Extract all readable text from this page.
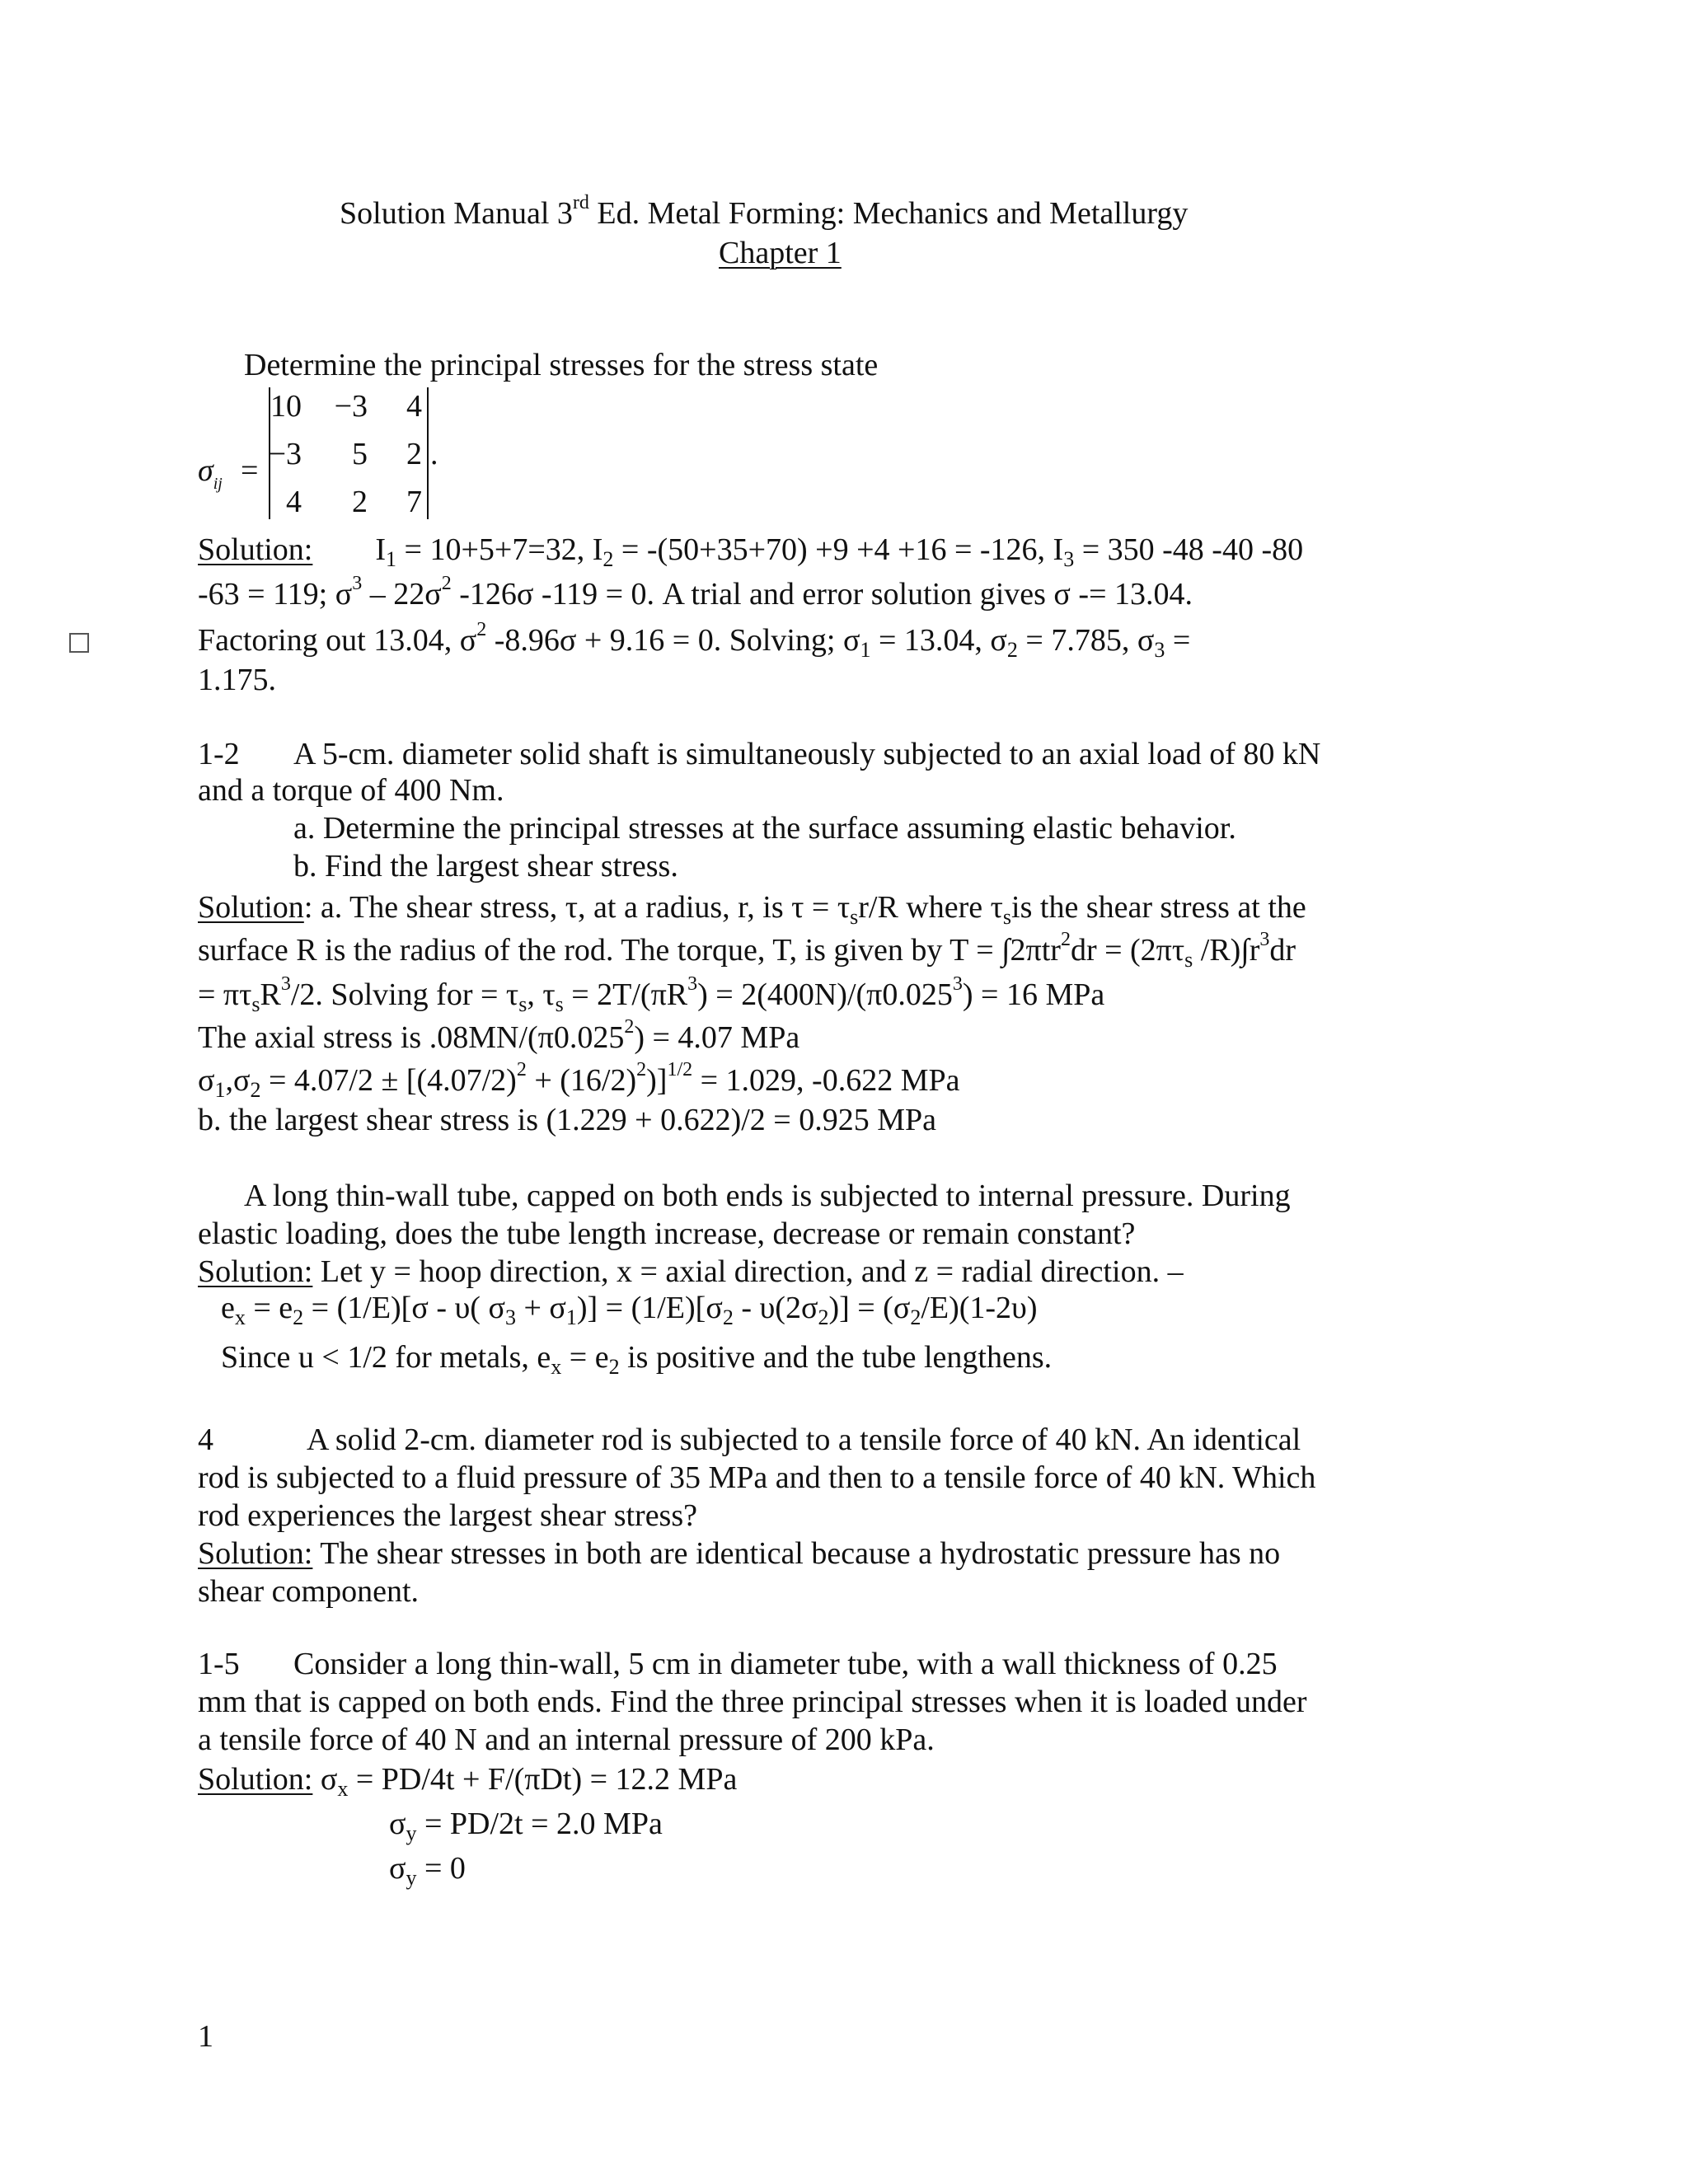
Solution Manual 3rd Ed. Metal Forming: Mechanics and Metallurgy
Chapter 1
Determine the principal stresses for the stress state
$\sigma_{ij}$ =
10	−3	4
−3	5	2
4	2	7
.
Solution: $I_1 = 10+5+7=32$, $I_2 = -(50+35+70) +9 +4 +16 = -126$, $I_3 = 350$ -48 -40 -80
-63 = 119; $\sigma^3 - 22\sigma^2$ -126σ -119 = 0. A trial and error solution gives σ -= 13.04.
Factoring out 13.04, $\sigma^2$ -8.96σ + 9.16 = 0. Solving; $\sigma_1 = 13.04$, $\sigma_2 = 7.785$, $\sigma_3$ =
1.175.
1-2 A 5-cm. diameter solid shaft is simultaneously subjected to an axial load of 80 kN
and a torque of 400 Nm.
a. Determine the principal stresses at the surface assuming elastic behavior.
b. Find the largest shear stress.
Solution: a. The shear stress, τ, at a radius, r, is $\tau = \tau_sr/R$ where $\tau_sis$ the shear stress at the
surface R is the radius of the rod. The torque, T, is given by $T = \int 2\pi tr^2dr = (2\pi\tau_s$ $/R)\int r^3dr$
= $\pi\tau_sR^3/2$. Solving for = $\tau_s$, $\tau_s = 2T/(\pi R^3) = 2(400N)/(\pi 0.025^3) = 16$ MPa
The axial stress is $.08MN/(\pi 0.025^2) = 4.07$ MPa
$\sigma_1,\sigma_2 = 4.07/2 \pm [(4.07/2)^2 + (16/2)^2)]^{1/2} = 1.029$, -0.622 MPa
b. the largest shear stress is (1.229 + 0.622)/2 = 0.925 MPa
A long thin-wall tube, capped on both ends is subjected to internal pressure. During
elastic loading, does the tube length increase, decrease or remain constant?
Solution: Let y = hoop direction, x = axial direction, and z = radial direction. –
$e_x = e_2 = (1/E)[\sigma - \upsilon$( $\sigma_3 + \sigma_1)] = (1/E)[\sigma_2 - \upsilon(2\sigma_2)] = (\sigma_2/E)(1-2\upsilon)$
Since u < 1/2 for metals, $e_x = e_2$ is positive and the tube lengthens.
4	A solid 2-cm. diameter rod is subjected to a tensile force of 40 kN. An identical
rod is subjected to a fluid pressure of 35 MPa and then to a tensile force of 40 kN. Which
rod experiences the largest shear stress?
Solution: The shear stresses in both are identical because a hydrostatic pressure has no
shear component.
1-5 Consider a long thin-wall, 5 cm in diameter tube, with a wall thickness of 0.25
mm that is capped on both ends. Find the three principal stresses when it is loaded under
a tensile force of 40 N and an internal pressure of 200 kPa.
Solution: $\sigma_x = PD/4t + F/(\pi Dt) = 12.2$ MPa
$\sigma_y = PD/2t = 2.0$ MPa
$\sigma_y = 0$
1
